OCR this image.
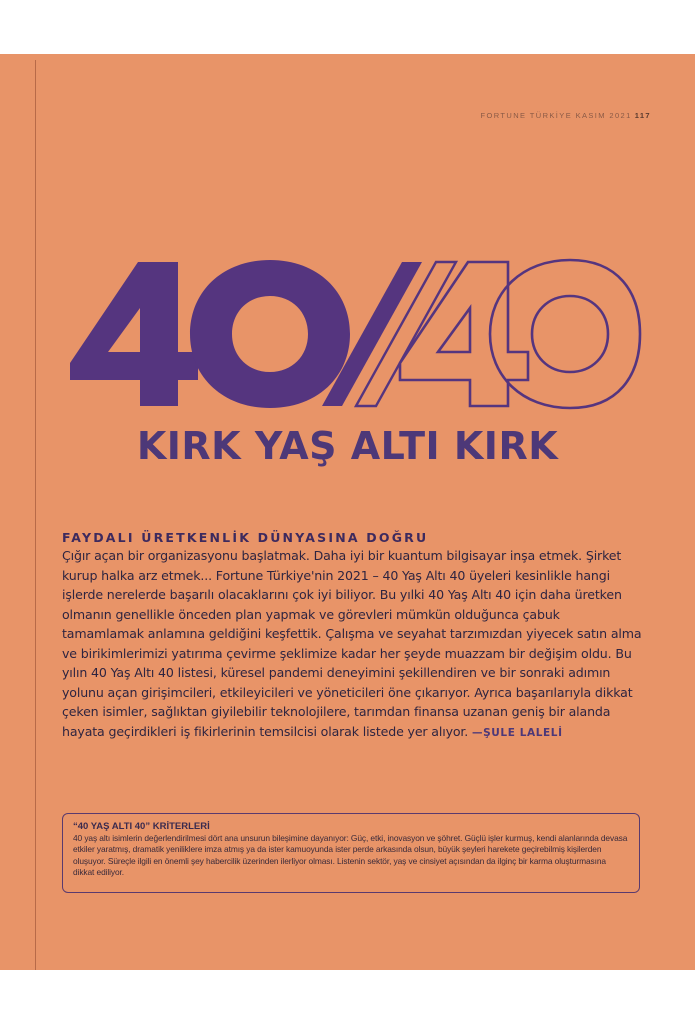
FORTUNE TÜRKİYE KASIM 2021 117
KIRK YAŞ ALTI KIRK
FAYDALI ÜRETKENLİK DÜNYASINA DOĞRU
Çığır açan bir organizasyonu başlatmak. Daha iyi bir kuantum bilgisayar inşa etmek. Şirket kurup halka arz etmek... Fortune Türkiye'nin 2021 – 40 Yaş Altı 40 üyeleri kesinlikle hangi işlerde nerelerde başarılı olacaklarını çok iyi biliyor. Bu yılki 40 Yaş Altı 40 için daha üretken olmanın genellikle önceden plan yapmak ve görevleri mümkün olduğunca çabuk tamamlamak anlamına geldiğini keşfettik. Çalışma ve seyahat tarzımızdan yiyecek satın alma ve birikimlerimizi yatırıma çevirme şeklimize kadar her şeyde muazzam bir değişim oldu. Bu yılın 40 Yaş Altı 40 listesi, küresel pandemi deneyimini şekillendiren ve bir sonraki adımın yolunu açan girişimcileri, etkileyicileri ve yöneticileri öne çıkarıyor. Ayrıca başarılarıyla dikkat çeken isimler, sağlıktan giyilebilir teknolojilere, tarımdan finansa uzanan geniş bir alanda hayata geçirdikleri iş fikirlerinin temsilcisi olarak listede yer alıyor. —ŞULE LALELİ
“40 YAŞ ALTI 40” KRİTERLERİ
40 yaş altı isimlerin değerlendirilmesi dört ana unsurun bileşimine dayanıyor: Güç, etki, inovasyon ve şöhret. Güçlü işler kurmuş, kendi alanlarında devasa etkiler yaratmış, dramatik yeniliklere imza atmış ya da ister kamuoyunda ister perde arkasında olsun, büyük şeyleri harekete geçirebilmiş kişilerden oluşuyor. Süreçle ilgili en önemli şey habercilik üzerinden ilerliyor olması. Listenin sektör, yaş ve cinsiyet açısından da ilginç bir karma oluşturmasına dikkat ediliyor.
